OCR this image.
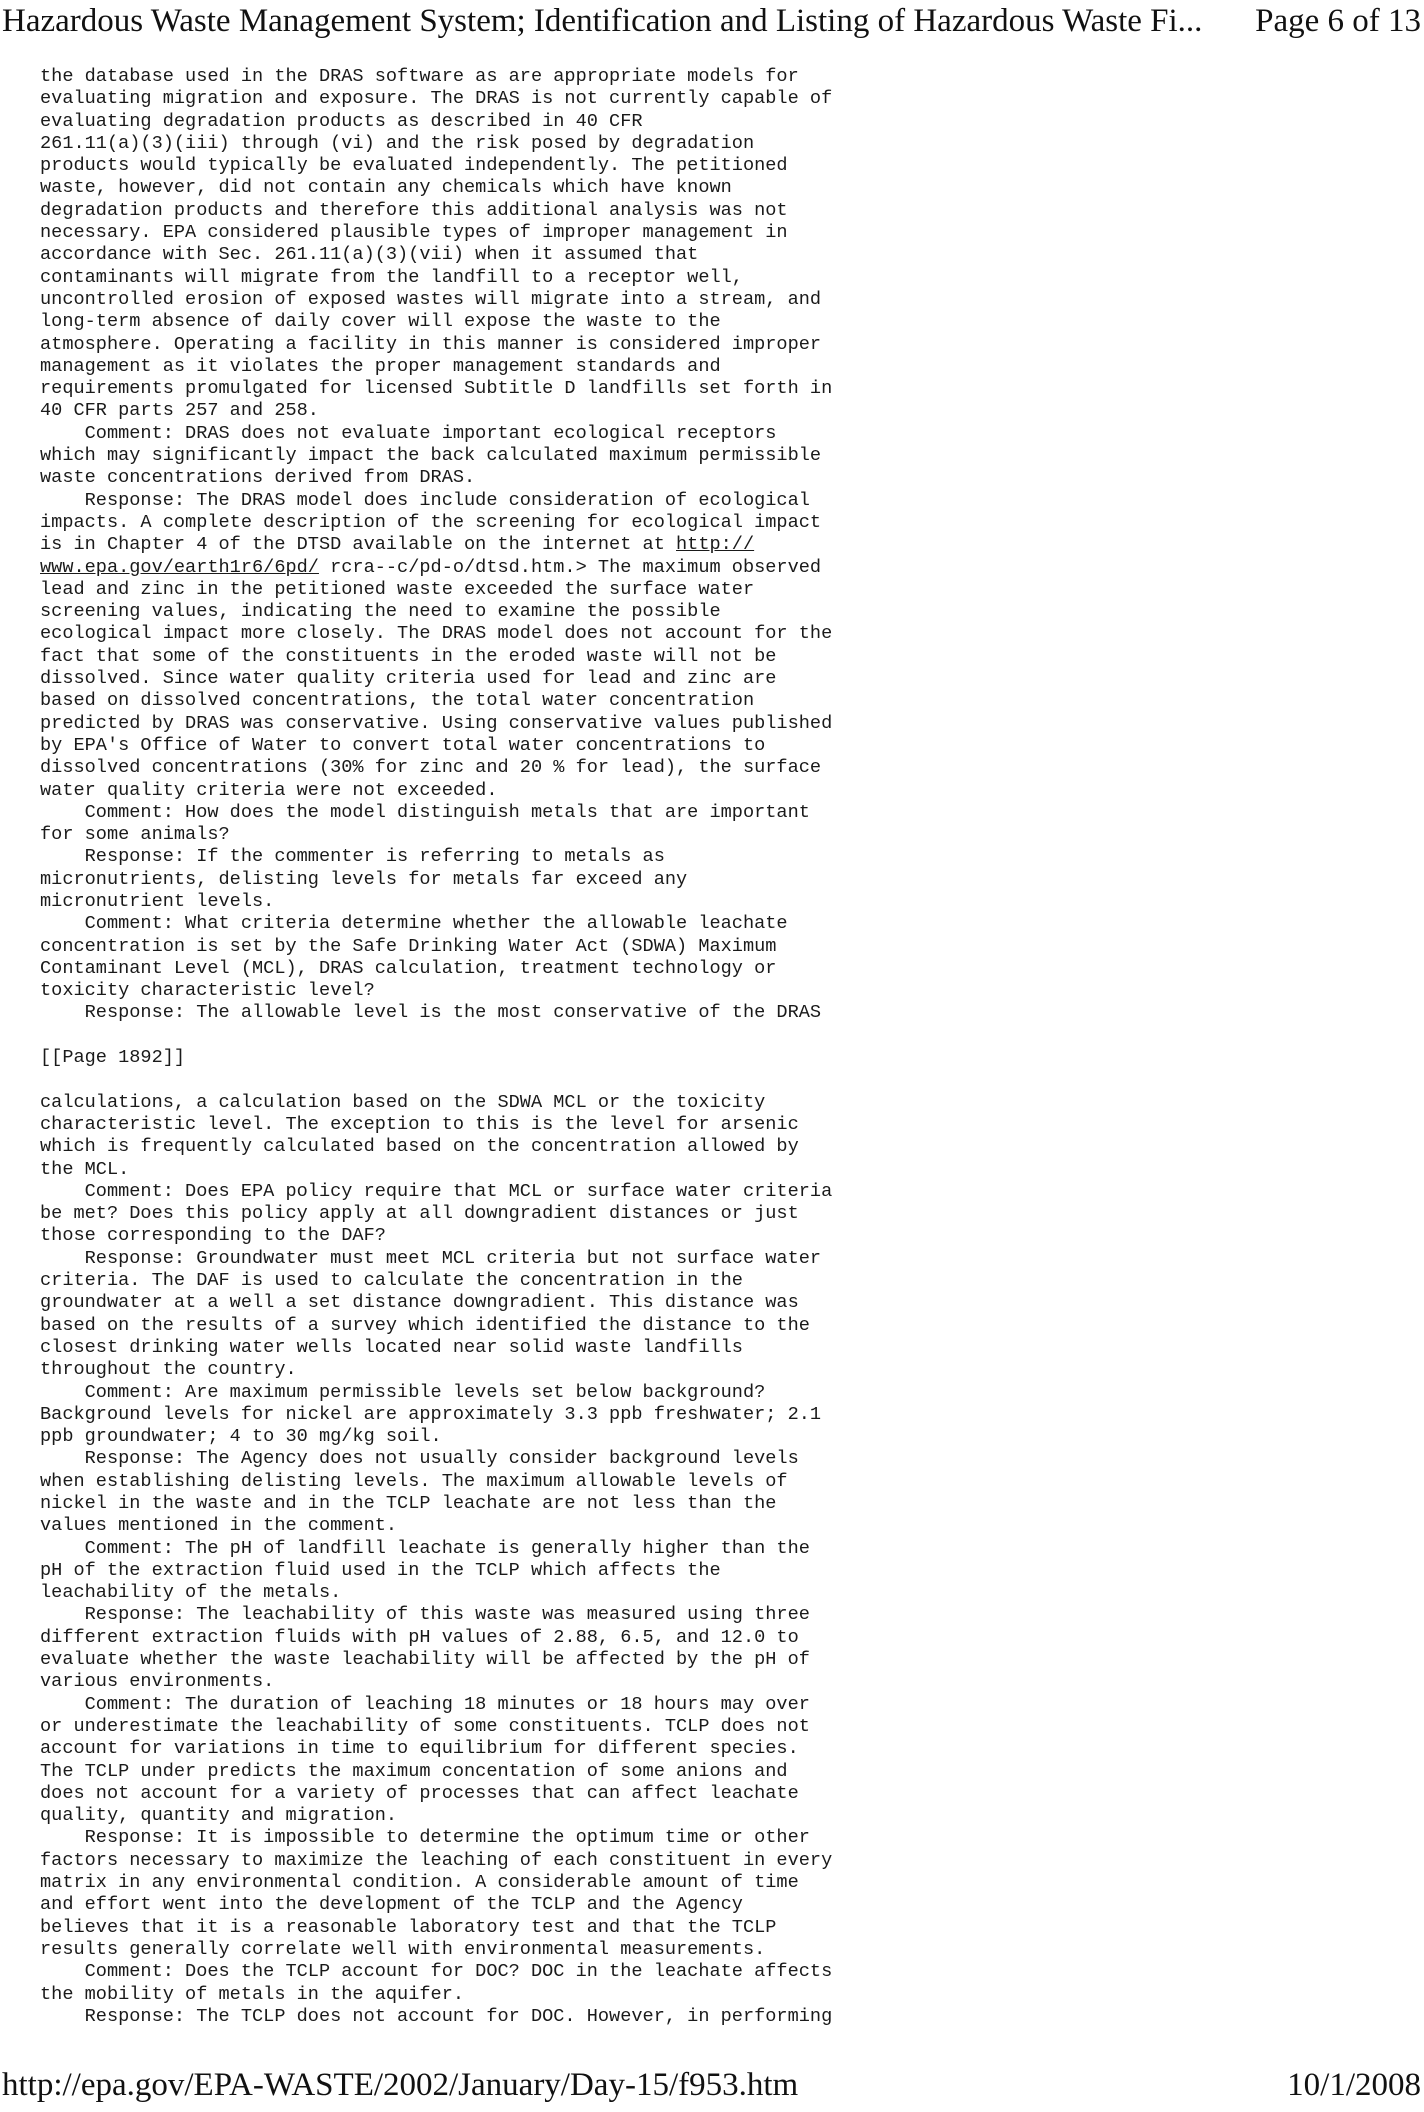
Hazardous Waste Management System; Identification and Listing of Hazardous Waste Fi... Page 6 of 13
the database used in the DRAS software as are appropriate models for
evaluating migration and exposure. The DRAS is not currently capable of
evaluating degradation products as described in 40 CFR
261.11(a)(3)(iii) through (vi) and the risk posed by degradation
products would typically be evaluated independently. The petitioned
waste, however, did not contain any chemicals which have known
degradation products and therefore this additional analysis was not
necessary. EPA considered plausible types of improper management in
accordance with Sec. 261.11(a)(3)(vii) when it assumed that
contaminants will migrate from the landfill to a receptor well,
uncontrolled erosion of exposed wastes will migrate into a stream, and
long-term absence of daily cover will expose the waste to the
atmosphere. Operating a facility in this manner is considered improper
management as it violates the proper management standards and
requirements promulgated for licensed Subtitle D landfills set forth in
40 CFR parts 257 and 258.
Comment: DRAS does not evaluate important ecological receptors
which may significantly impact the back calculated maximum permissible
waste concentrations derived from DRAS.
Response: The DRAS model does include consideration of ecological
impacts. A complete description of the screening for ecological impact
is in Chapter 4 of the DTSD available on the internet at http://
www.epa.gov/earth1r6/6pd/ rcra--c/pd-o/dtsd.htm.> The maximum observed
lead and zinc in the petitioned waste exceeded the surface water
screening values, indicating the need to examine the possible
ecological impact more closely. The DRAS model does not account for the
fact that some of the constituents in the eroded waste will not be
dissolved. Since water quality criteria used for lead and zinc are
based on dissolved concentrations, the total water concentration
predicted by DRAS was conservative. Using conservative values published
by EPA's Office of Water to convert total water concentrations to
dissolved concentrations (30% for zinc and 20 % for lead), the surface
water quality criteria were not exceeded.
Comment: How does the model distinguish metals that are important
for some animals?
Response: If the commenter is referring to metals as
micronutrients, delisting levels for metals far exceed any
micronutrient levels.
Comment: What criteria determine whether the allowable leachate
concentration is set by the Safe Drinking Water Act (SDWA) Maximum
Contaminant Level (MCL), DRAS calculation, treatment technology or
toxicity characteristic level?
Response: The allowable level is the most conservative of the DRAS
[[Page 1892]]
calculations, a calculation based on the SDWA MCL or the toxicity
characteristic level. The exception to this is the level for arsenic
which is frequently calculated based on the concentration allowed by
the MCL.
Comment: Does EPA policy require that MCL or surface water criteria
be met? Does this policy apply at all downgradient distances or just
those corresponding to the DAF?
Response: Groundwater must meet MCL criteria but not surface water
criteria. The DAF is used to calculate the concentration in the
groundwater at a well a set distance downgradient. This distance was
based on the results of a survey which identified the distance to the
closest drinking water wells located near solid waste landfills
throughout the country.
Comment: Are maximum permissible levels set below background?
Background levels for nickel are approximately 3.3 ppb freshwater; 2.1
ppb groundwater; 4 to 30 mg/kg soil.
Response: The Agency does not usually consider background levels
when establishing delisting levels. The maximum allowable levels of
nickel in the waste and in the TCLP leachate are not less than the
values mentioned in the comment.
Comment: The pH of landfill leachate is generally higher than the
pH of the extraction fluid used in the TCLP which affects the
leachability of the metals.
Response: The leachability of this waste was measured using three
different extraction fluids with pH values of 2.88, 6.5, and 12.0 to
evaluate whether the waste leachability will be affected by the pH of
various environments.
Comment: The duration of leaching 18 minutes or 18 hours may over
or underestimate the leachability of some constituents. TCLP does not
account for variations in time to equilibrium for different species.
The TCLP under predicts the maximum concentation of some anions and
does not account for a variety of processes that can affect leachate
quality, quantity and migration.
Response: It is impossible to determine the optimum time or other
factors necessary to maximize the leaching of each constituent in every
matrix in any environmental condition. A considerable amount of time
and effort went into the development of the TCLP and the Agency
believes that it is a reasonable laboratory test and that the TCLP
results generally correlate well with environmental measurements.
Comment: Does the TCLP account for DOC? DOC in the leachate affects
the mobility of metals in the aquifer.
Response: The TCLP does not account for DOC. However, in performing
http://epa.gov/EPA-WASTE/2002/January/Day-15/f953.htm	10/1/2008
